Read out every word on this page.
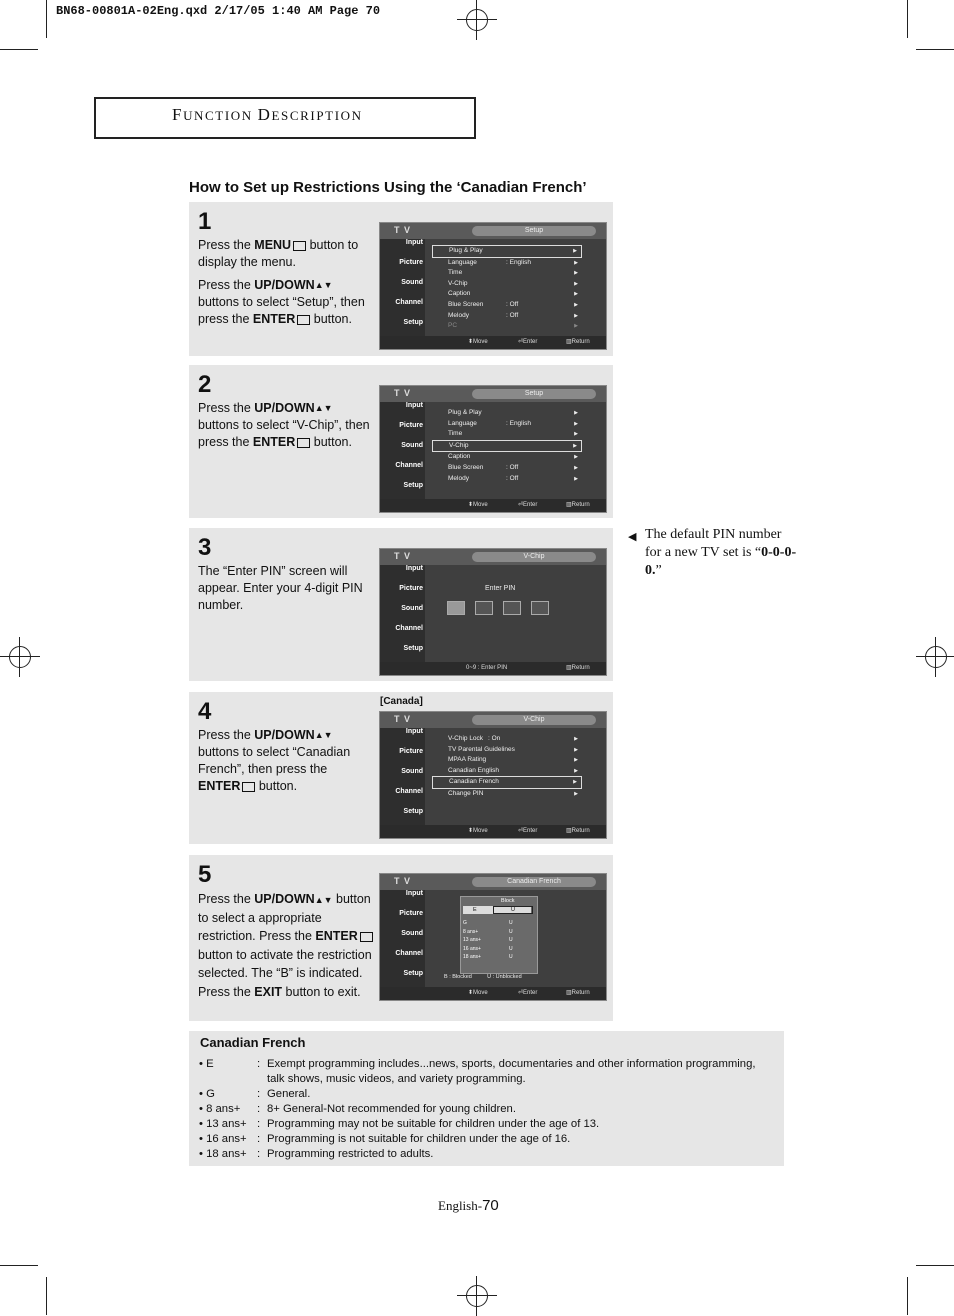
BN68-00801A-02Eng.qxd 2/17/05 1:40 AM Page 70
FUNCTION DESCRIPTION
How to Set up Restrictions Using the ‘Canadian French’
1

Press the MENU button to display the menu.

Press the UP/DOWN▲▼ buttons to select “Setup”, then press the ENTER button.

T V	Setup
Input
Picture
Sound
Channel
Setup
Plug & Play	▶
Language	: English	▶
Time	▶
V-Chip	▶
Caption	▶
Blue Screen	: Off	▶
Melody	: Off	▶
PC	▶
⬍ Move	⏎ Enter	▥ Return
2

Press the UP/DOWN▲▼ buttons to select “V-Chip”, then press the ENTER button.

T V	Setup
Input
Picture
Sound
Channel
Setup
Plug & Play	▶
Language	: English	▶
Time	▶
V-Chip	▶
Caption	▶
Blue Screen	: Off	▶
Melody	: Off	▶
⬍ Move	⏎ Enter	▥ Return
3

The “Enter PIN” screen will appear. Enter your 4-digit PIN number.

T V	V-Chip
Input
Picture
Sound
Channel
Setup
Enter PIN
0~9 : Enter PIN	▥ Return
◀ The default PIN number for a new TV set is “0-0-0-0.”
4

Press the UP/DOWN▲▼ buttons to select “Canadian French”, then press the ENTER button.

[Canada]
T V	V-Chip
Input
Picture
Sound
Channel
Setup
V-Chip Lock : On	▶
TV Parental Guidelines	▶
MPAA Rating	▶
Canadian English	▶
Canadian French	▶
Change PIN	▶
⬍ Move	⏎ Enter	▥ Return
5

Press the UP/DOWN▲▼ button to select a appropriate restriction. Press the ENTER button to activate the restriction selected. The “B” is indicated. Press the EXIT button to exit.

T V	Canadian French
Input
Picture
Sound
Channel
Setup
Block
E	U
G	U
8 ans+	U
13 ans+	U
16 ans+	U
18 ans+	U
B : Blocked          U : Unblocked
⬍ Move	⏎ Enter	▥ Return
Canadian French
• E	: Exempt programming includes...news, sports, documentaries and other information programming, talk shows, music videos, and variety programming.
• G	: General.
• 8 ans+	: 8+ General-Not recommended for young children.
• 13 ans+ : Programming may not be suitable for children under the age of 13.
• 16 ans+ : Programming is not suitable for children under the age of 16.
• 18 ans+ : Programming restricted to adults.
English-70
